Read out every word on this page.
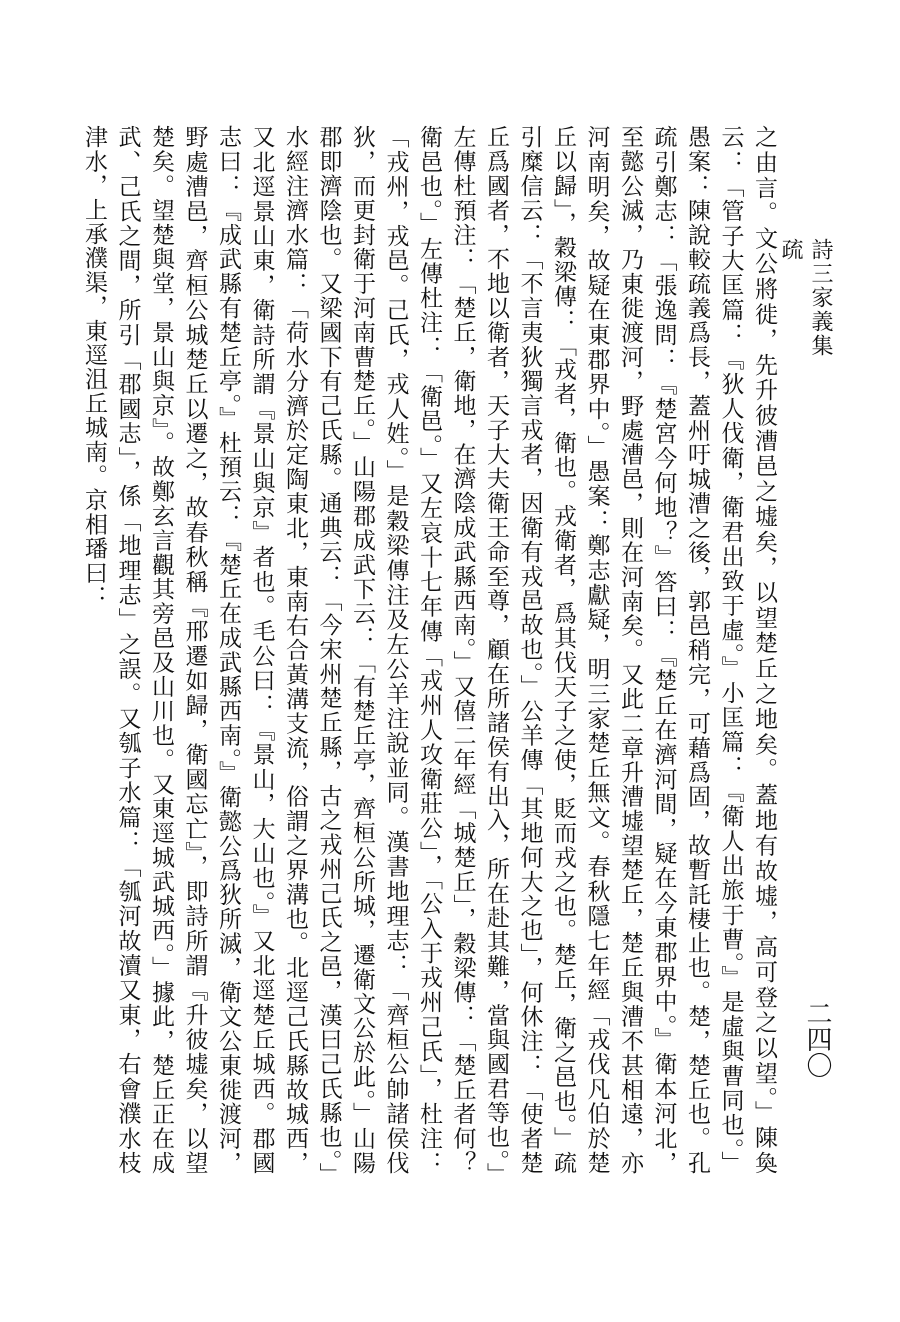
詩三家義集疏
二四〇
之由言。文公將徙，先升彼漕邑之墟矣，以望楚丘之地矣。蓋地有故墟，高可登之以望。」陳奐云：「管子大匡篇：『狄人伐衛，衛君出致于虛。』小匡篇：『衛人出旅于曹。』是虛與曹同也。」愚案：陳說較疏義爲長，蓋州吁城漕之後，郭邑稍完，可藉爲固，故暫託棲止也。楚，楚丘也。孔疏引鄭志：「張逸問：『楚宮今何地？』答曰：『楚丘在濟河間，疑在今東郡界中。』衛本河北，至懿公滅，乃東徙渡河，野處漕邑，則在河南矣。又此二章升漕墟望楚丘，楚丘與漕不甚相遠，亦河南明矣，故疑在東郡界中。」愚案：鄭志獻疑，明三家楚丘無文。春秋隱七年經「戎伐凡伯於楚丘以歸」，穀梁傳：「戎者，衛也。戎衛者，爲其伐天子之使，貶而戎之也。楚丘，衛之邑也。」疏引糜信云：「不言夷狄獨言戎者，因衛有戎邑故也。」公羊傳「其地何大之也」，何休注：「使者楚丘爲國者，不地以衛者，天子大夫衛王命至尊，顧在所諸侯有出入，所在赴其難，當與國君等也。」左傳杜預注：「楚丘，衛地，在濟陰成武縣西南。」又僖二年經「城楚丘」，穀梁傳：「楚丘者何？衛邑也。」左傳杜注：「衛邑。」又左哀十七年傳「戎州人攻衛莊公」，「公入于戎州己氏」，杜注：「戎州，戎邑。己氏，戎人姓。」是穀梁傳注及左公羊注說並同。漢書地理志：「齊桓公帥諸侯伐狄，而更封衛于河南曹楚丘。」山陽郡成武下云：「有楚丘亭，齊桓公所城，遷衛文公於此。」山陽郡即濟陰也。又梁國下有己氏縣。通典云：「今宋州楚丘縣，古之戎州己氏之邑，漢曰己氏縣也。」水經注濟水篇：「荷水分濟於定陶東北，東南右合黃溝支流，俗謂之界溝也。北逕己氏縣故城西，又北逕景山東，衛詩所謂『景山與京』者也。毛公曰：『景山，大山也。』又北逕楚丘城西。郡國志曰：『成武縣有楚丘亭。』杜預云：『楚丘在成武縣西南。』衛懿公爲狄所滅，衛文公東徙渡河，野處漕邑，齊桓公城楚丘以遷之，故春秋稱『邢遷如歸，衛國忘亡』，即詩所謂『升彼墟矣，以望楚矣。望楚與堂，景山與京』。故鄭玄言觀其旁邑及山川也。又東逕城武城西。」據此，楚丘正在成武、己氏之間，所引「郡國志」，係「地理志」之誤。又瓠子水篇：「瓠河故瀆又東，右會濮水枝津水，上承濮渠，東逕沮丘城南。京相璠曰：
